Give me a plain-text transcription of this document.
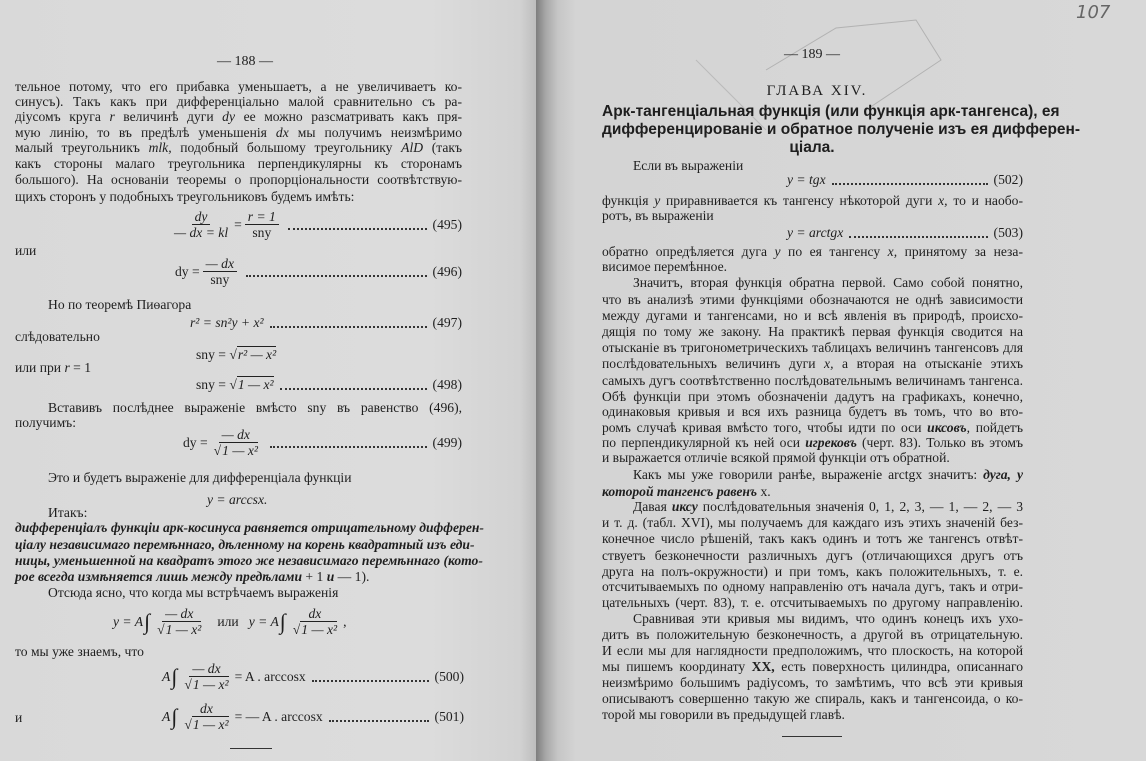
— 188 —
$\frac{dy}{— dx = kl} = \frac{r = 1}{\text{sny}}$	(495)
dy = $\frac{— dx}{\text{sny}}$	(496)
r² = sn²y + x²	(497)
sny = √ r² — x²
sny = √ 1 — x²	(498)
dy = $\frac{— dx}{\text{√1 — x²}}$	(499)
y = arccsx.
y = A ∫ $\frac{— dx}{\text{√1 — x²}}$ или y = A ∫ $\frac{dx}{\text{√1 — x²}}$ ,
A ∫ $\frac{— dx}{\text{√1 — x²}} = A$ . arccosx	(500)
A ∫ $\frac{dx}{\text{√1 — x²}}$ = — A . arccosx	(501)
тельное потому, что его прибавка уменьшаетъ, а не увеличиваетъ ко-
синусъ). Такъ какъ при дифференціально малой сравнительно съ ра-
діусомъ круга r величинѣ дуги dy ее можно разсматривать какъ пря-
мую линію, то въ предѣлѣ уменьшенія dx мы получимъ неизмѣримо
малый треугольникъ mlk, подобный большому треугольнику AlD (такъ
какъ стороны малаго треугольника перпендикулярны къ сторонамъ
большого). На основаніи теоремы о пропорціональности соотвѣтствую-
щихъ сторонъ у подобныхъ треугольниковъ будемъ имѣть:
или
Но по теоремѣ Пиѳагора
слѣдовательно
или при r = 1
Вставивъ послѣднее выраженіе вмѣсто sny въ равенство (496),
получимъ:
Это и будетъ выраженіе для дифференціала функціи
Итакъ:
дифференціалъ функціи арк-косинуса равняется отрицательному дифферен-
ціалу независимаго перемѣннаго, дѣленному на корень квадратный изъ еди-
ницы, уменьшенной на квадратъ этого же независимаго перемѣннаго (кото-
рое всегда измѣняется лишь между предѣлами + 1 и — 1).
Отсюда ясно, что когда мы встрѣчаемъ выраженія
то мы уже знаемъ, что
и
107
— 189 —
ГЛАВА XIV.
Арк-тангенціальная функція (или функція арк-тангенса), ея
дифференцированіе и обратное полученіе изъ ея дифферен-
ціала.
y = tgx	(502)
y = arctgx	(503)
Если въ выраженіи
функція y приравнивается къ тангенсу нѣкоторой дуги x, то и наобо-
ротъ, въ выраженіи
обратно опредѣляется дуга y по ея тангенсу x, принятому за неза-
висимое перемѣнное.
Значитъ, вторая функція обратна первой. Само собой понятно,
что въ анализѣ этими функціями обозначаются не однѣ зависимости
между дугами и тангенсами, но и всѣ явленія въ природѣ, происхо-
дящія по тому же закону. На практикѣ первая функція сводится на
отысканіе въ тригонометрическихъ таблицахъ величинъ тангенсовъ для
послѣдовательныхъ величинъ дуги x, а вторая на отысканіе этихъ
самыхъ дугъ соотвѣтственно послѣдовательнымъ величинамъ тангенса.
Обѣ функціи при этомъ обозначеніи дадутъ на графикахъ, конечно,
одинаковыя кривыя и вся ихъ разница будетъ въ томъ, что во вто-
ромъ случаѣ кривая вмѣсто того, чтобы идти по оси иксовъ, пойдетъ
по перпендикулярной къ ней оси игрековъ (черт. 83). Только въ этомъ
и выражается отличіе всякой прямой функціи отъ обратной.
Какъ мы уже говорили ранѣе, выраженіе arctgx значитъ: дуга, у
которой тангенсъ равенъ x.
Давая иксу послѣдовательныя значенія 0, 1, 2, 3, — 1, — 2, — 3
и т. д. (табл. XVI), мы получаемъ для каждаго изъ этихъ значеній без-
конечное число рѣшеній, такъ какъ одинъ и тотъ же тангенсъ отвѣт-
ствуетъ безконечности различныхъ дугъ (отличающихся другъ отъ
друга на полъ-окружности) и при томъ, какъ положительныхъ, т. е.
отсчитываемыхъ по одному направленію отъ начала дугъ, такъ и отри-
цательныхъ (черт. 83), т. е. отсчитываемыхъ по другому направленію.
Сравнивая эти кривыя мы видимъ, что одинъ конецъ ихъ ухо-
дитъ въ положительную безконечность, а другой въ отрицательную.
И если мы для наглядности предположимъ, что плоскость, на которой
мы пишемъ координату XX, есть поверхность цилиндра, описаннаго
неизмѣримо большимъ радіусомъ, то замѣтимъ, что всѣ эти кривыя
описываютъ совершенно такую же спираль, какъ и тангенсоида, о ко-
торой мы говорили въ предыдущей главѣ.
